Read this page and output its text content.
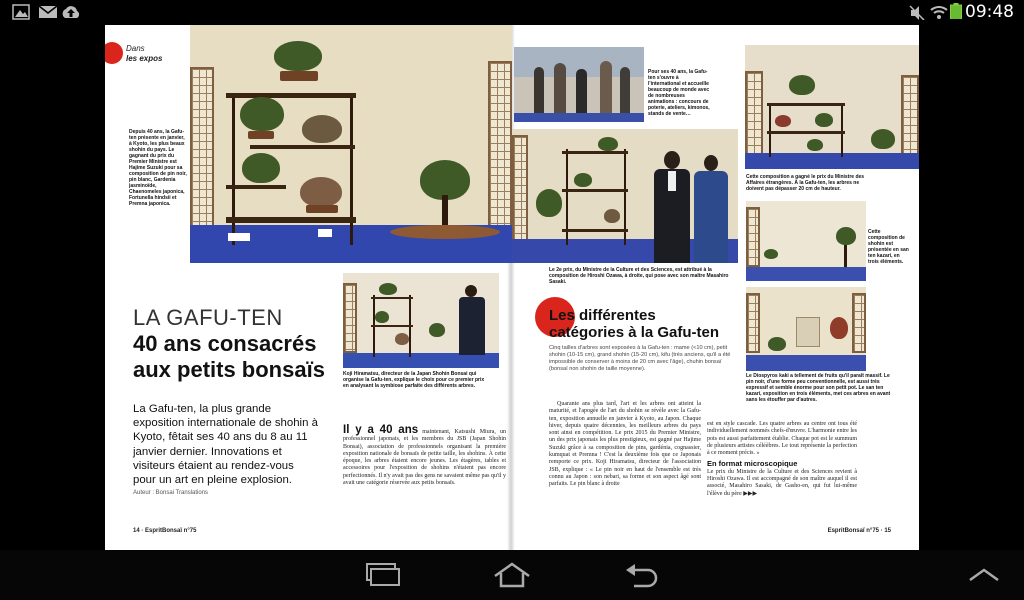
09:48
Dans
les expos
Depuis 40 ans, la Gafu-ten présente en janvier, à Kyoto, les plus beaux shohin du pays. Le gagnant du prix du Premier Ministre est Hajime Suzuki pour sa composition de pin noir, pin blanc, Gardenia jasminoïde, Chaenomeles japonica, Fortunella hindsii et Premna japonica.
LA GAFU-TEN
40 ans consacrés
aux petits bonsaïs
La Gafu-ten, la plus grande exposition internationale de shohin à Kyoto, fêtait ses 40 ans du 8 au 11 janvier dernier. Innovations et visiteurs étaient au rendez-vous pour un art en pleine explosion.
Auteur : Bonsai Translations
Koji Hiramatsu, directeur de la Japan Shohin Bonsai qui organise la Gafu-ten, explique le choix pour ce premier prix en analysant la symbiose parfaite des différents arbres.
Il y a 40 ans maintenant, Katsushi Miura, un professionnel japonais, et les membres du JSB (Japan Shohin Bonsai), association de professionnels organisant la première exposition nationale de bonsaïs de petite taille, les shohins. À cette époque, les arbres étaient encore jeunes. Les étagères, tables et accessoires pour l'exposition de shohins n'étaient pas encore perfectionnés. Il n'y avait pas des gens ne savaient même pas qu'il y avait une catégorie réservée aux petits bonsaïs.
14 · EspritBonsaï n°75
Pour ses 40 ans, la Gafu-ten s'ouvre à l'international et accueille beaucoup de monde avec de nombreuses animations : concours de poterie, ateliers, kimonos, stands de vente…
Le 2e prix, du Ministre de la Culture et des Sciences, est attribué à la composition de Hiroshi Ozawa, à droite, qui pose avec son maître Masahiro Sasaki.
Cette composition a gagné le prix du Ministre des Affaires étrangères. À la Gafu-ten, les arbres ne doivent pas dépasser 20 cm de hauteur.
Cette composition de shohin est présentée en san ten kazari, en trois éléments.
Le Diospyros kaki a tellement de fruits qu'il paraît massif. Le pin noir, d'une forme peu conventionnelle, est aussi très expressif et semble énorme pour son petit pot. Le san ten kazari, exposition en trois éléments, met ces arbres en avant sans les étouffer par d'autres.
Les différentes
catégories à la Gafu-ten
Cinq tailles d'arbres sont exposées à la Gafu-ten : mame (<10 cm), petit shohin (10-15 cm), grand shohin (15-20 cm), kifu (très anciens, qu'il a été impossible de conserver à moins de 20 cm avec l'âge), chuhin bonsaï (bonsaï non shohin de taille moyenne).
Quarante ans plus tard, l'art et les arbres ont atteint la maturité, et l'apogée de l'art du shohin se révèle avec la Gafu-ten, exposition annuelle en janvier à Kyoto, au Japon. Chaque hiver, depuis quatre décennies, les meilleurs arbres du pays sont ainsi en compétition. Le prix 2015 du Premier Ministre, un des prix japonais les plus prestigieux, est gagné par Hajime Suzuki grâce à sa composition de pins, gardénia, cognassier, kumquat et Premna ! C'est la deuxième fois que ce Japonais remporte ce prix. Koji Hiramatsu, directeur de l'association JSB, explique : « Le pin noir en haut de l'ensemble est très connu au Japon : son nebari, sa forme et son aspect âgé sont parfaits. Le pin blanc à droite
est en style cascade. Les quatre arbres au centre ont tous été individuellement nommés chefs-d'œuvre. L'harmonie entre les pots est aussi parfaitement établie. Chaque pot est le summum de plusieurs artistes céléèbres. Le tout représente la perfection à ce moment précis. »
En format microscopique
Le prix du Ministre de la Culture et des Sciences revient à Hiroshi Ozawa. Il est accompagné de son maître auquel il est associé, Masahiro Sasaki, de Gasho-en, qui fut lui-même l'élève du père ▶▶▶
EspritBonsaï n°75 · 15
